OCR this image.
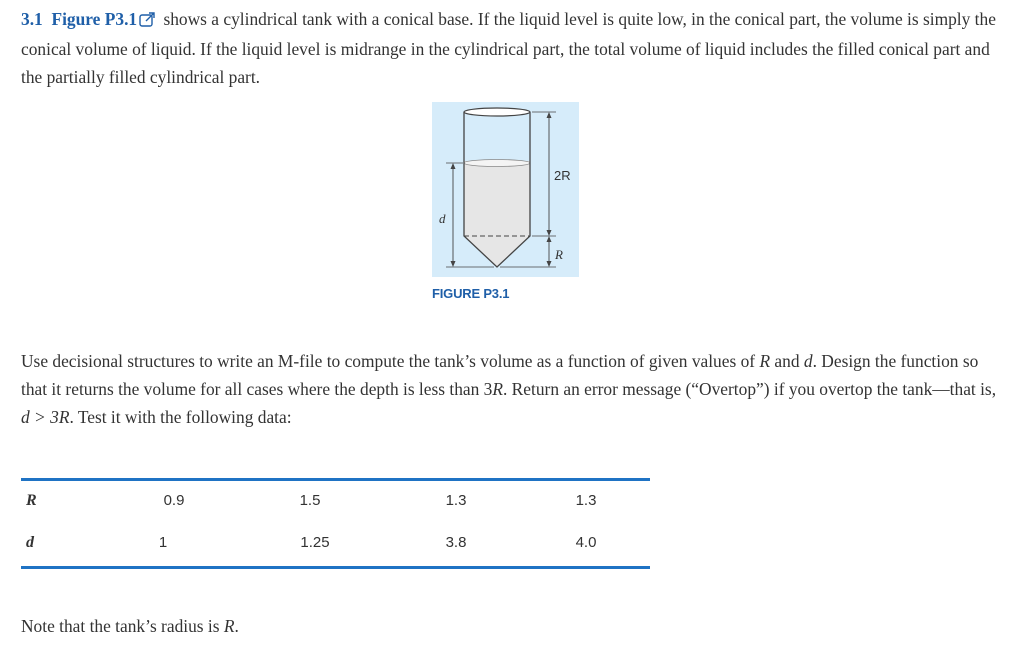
3.1 Figure P3.1 shows a cylindrical tank with a conical base. If the liquid level is quite low, in the conical part, the volume is simply the conical volume of liquid. If the liquid level is midrange in the cylindrical part, the total volume of liquid includes the filled conical part and the partially filled cylindrical part.

d
2R
R
FIGURE P3.1

Use decisional structures to write an M-file to compute the tank’s volume as a function of given values of R and d. Design the function so that it returns the volume for all cases where the depth is less than 3R. Return an error message (“Overtop”) if you overtop the tank—that is, d > 3R. Test it with the following data:

R	0.9	1.5	1.3	1.3
d	1	1.25	3.8	4.0

Note that the tank’s radius is R.
